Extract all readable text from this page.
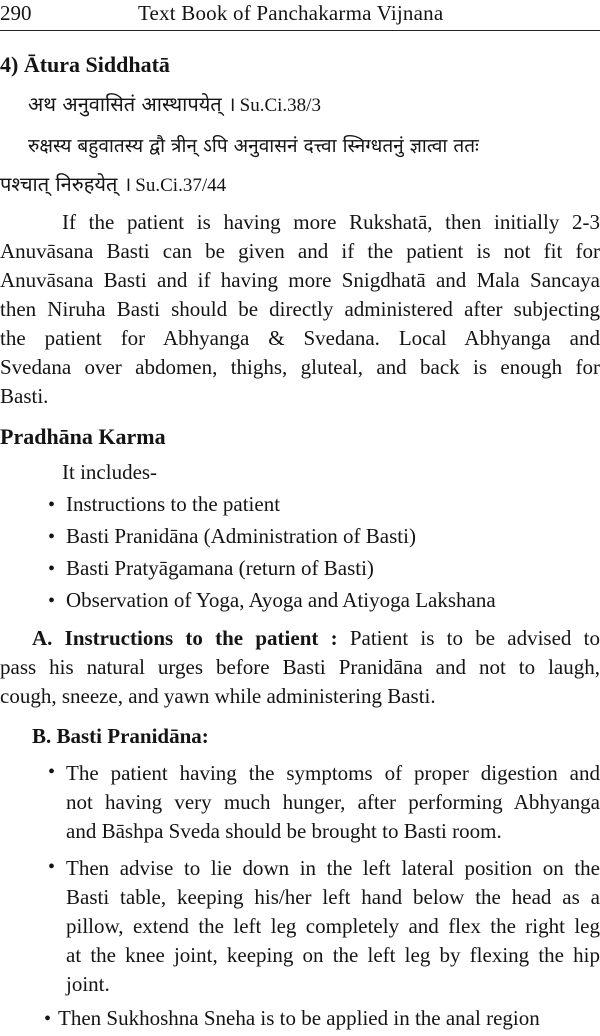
290	Text Book of Panchakarma Vijnana
4) Ātura Siddhatā
अथ अनुवासितं आस्थापयेत् । Su.Ci.38/3
रुक्षस्य बहुवातस्य द्वौ त्रीन् ऽपि अनुवासनं दत्त्वा स्निग्धतनुं ज्ञात्वा ततः
पश्चात् निरुहयेत् । Su.Ci.37/44
If the patient is having more Rukshatā, then initially 2-3
Anuvāsana Basti can be given and if the patient is not fit for
Anuvāsana Basti and if having more Snigdhatā and Mala Sancaya
then Niruha Basti should be directly administered after subjecting
the patient for Abhyanga & Svedana. Local Abhyanga and
Svedana over abdomen, thighs, gluteal, and back is enough for
Basti.
Pradhāna Karma
It includes-
• Instructions to the patient
• Basti Pranidāna (Administration of Basti)
• Basti Pratyāgamana (return of Basti)
• Observation of Yoga, Ayoga and Atiyoga Lakshana
A. Instructions to the patient : Patient is to be advised to
pass his natural urges before Basti Pranidāna and not to laugh,
cough, sneeze, and yawn while administering Basti.
B. Basti Pranidāna:
• The patient having the symptoms of proper digestion and
not having very much hunger, after performing Abhyanga
and Bāshpa Sveda should be brought to Basti room.
• Then advise to lie down in the left lateral position on the
Basti table, keeping his/her left hand below the head as a
pillow, extend the left leg completely and flex the right leg
at the knee joint, keeping on the left leg by flexing the hip
joint.
• Then Sukhoshna Sneha is to be applied in the anal region
